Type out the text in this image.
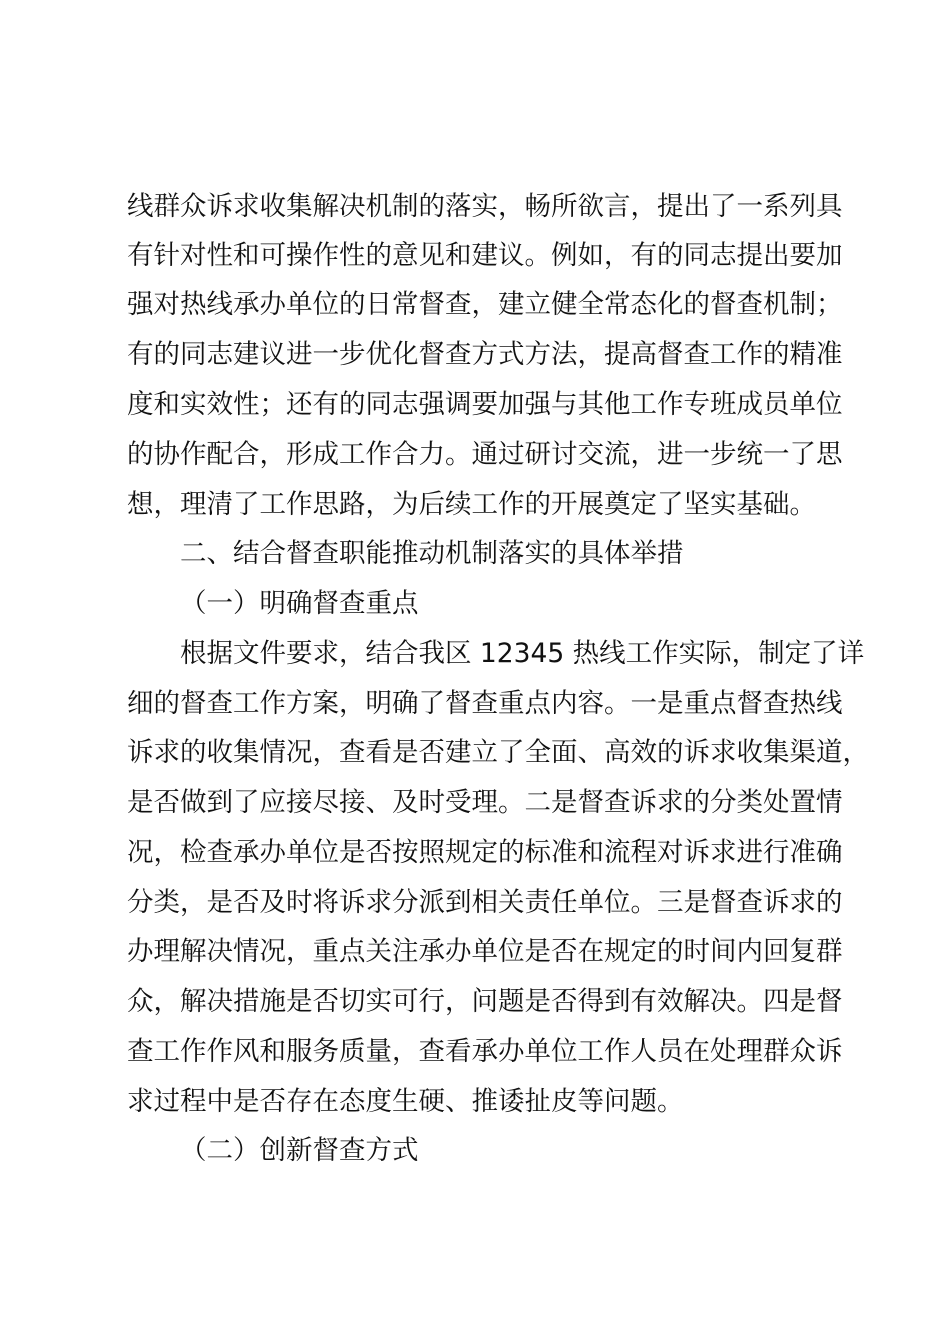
线群众诉求收集解决机制的落实，畅所欲言，提出了一系列具
有针对性和可操作性的意见和建议。例如，有的同志提出要加
强对热线承办单位的日常督查，建立健全常态化的督查机制；
有的同志建议进一步优化督查方式方法，提高督查工作的精准
度和实效性；还有的同志强调要加强与其他工作专班成员单位
的协作配合，形成工作合力。通过研讨交流，进一步统一了思
想，理清了工作思路，为后续工作的开展奠定了坚实基础。
二、结合督查职能推动机制落实的具体举措
（一）明确督查重点
根据文件要求，结合我区 12345 热线工作实际，制定了详
细的督查工作方案，明确了督查重点内容。一是重点督查热线
诉求的收集情况，查看是否建立了全面、高效的诉求收集渠道，
是否做到了应接尽接、及时受理。二是督查诉求的分类处置情
况，检查承办单位是否按照规定的标准和流程对诉求进行准确
分类，是否及时将诉求分派到相关责任单位。三是督查诉求的
办理解决情况，重点关注承办单位是否在规定的时间内回复群
众，解决措施是否切实可行，问题是否得到有效解决。四是督
查工作作风和服务质量，查看承办单位工作人员在处理群众诉
求过程中是否存在态度生硬、推诿扯皮等问题。
（二）创新督查方式
